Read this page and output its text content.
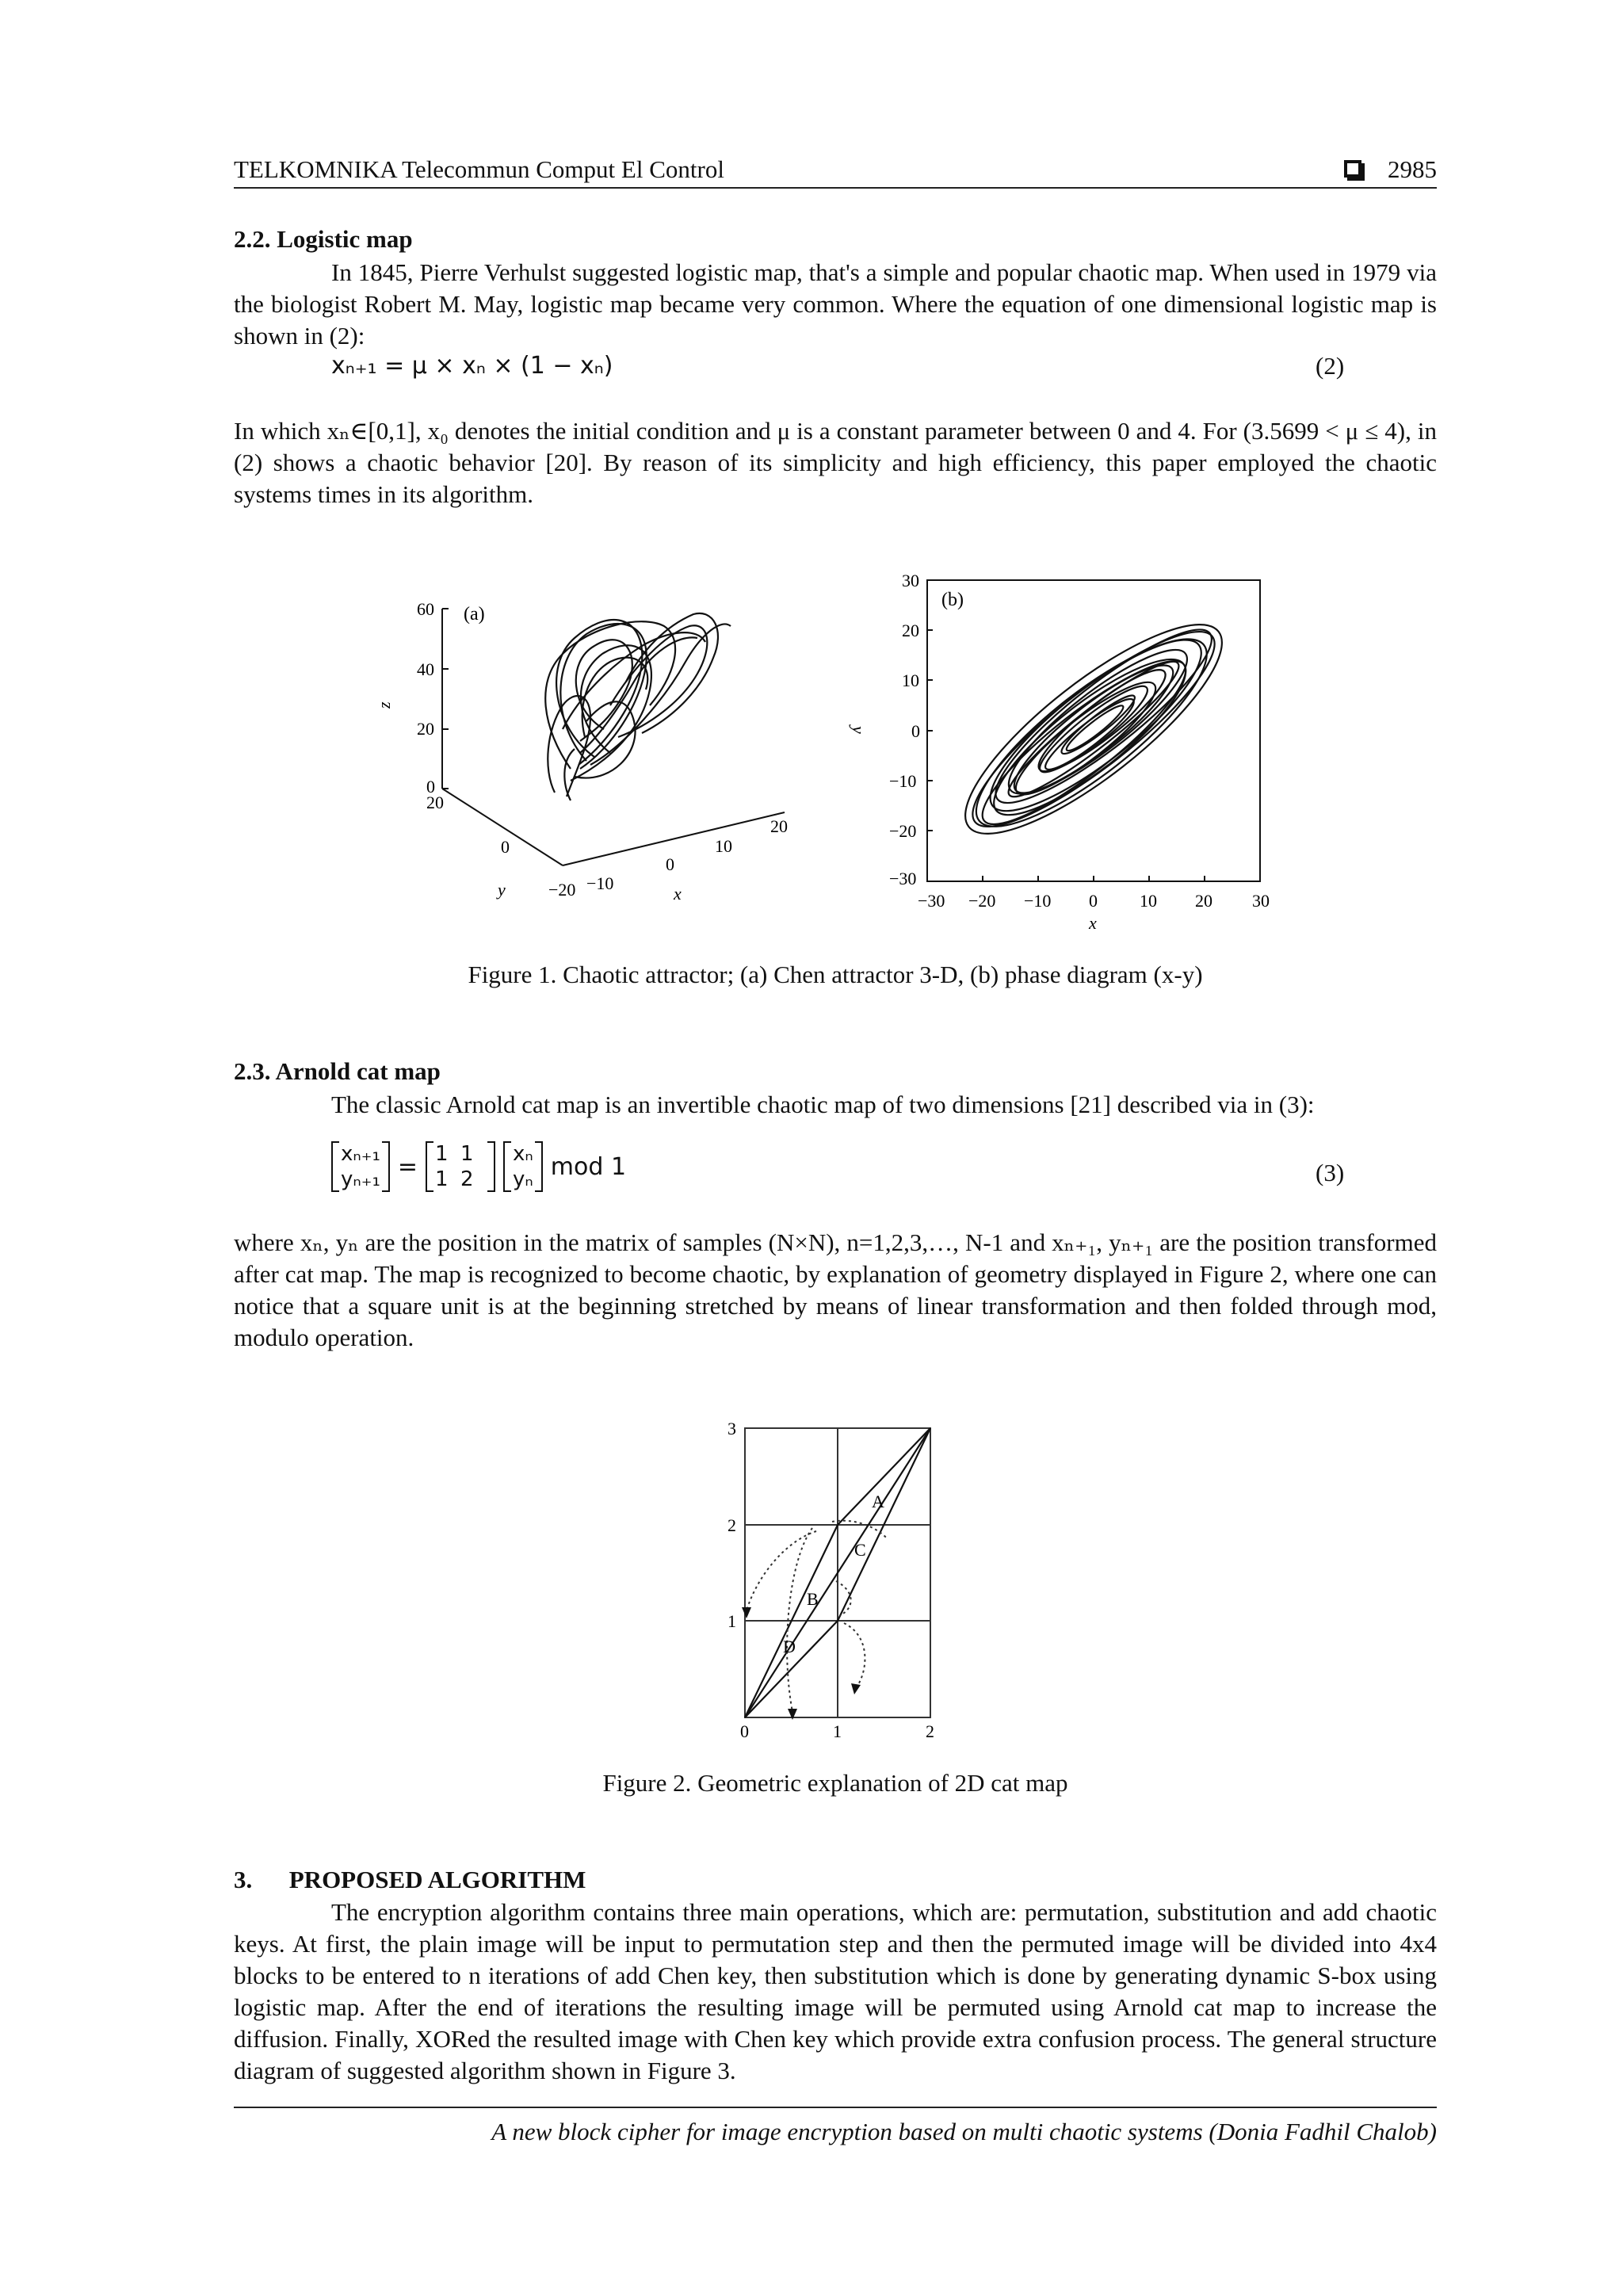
TELKOMNIKA Telecommun Comput El Control	2985
2.2. Logistic map
In 1845, Pierre Verhulst suggested logistic map, that's a simple and popular chaotic map. When used in 1979 via the biologist Robert M. May, logistic map became very common. Where the equation of one dimensional logistic map is shown in (2):
xₙ₊₁ = μ × xₙ × (1 − xₙ)	(2)
In which xₙ∈[0,1], x₀ denotes the initial condition and μ is a constant parameter between 0 and 4. For (3.5699 < μ ≤ 4), in (2) shows a chaotic behavior [20]. By reason of its simplicity and high efficiency, this paper employed the chaotic systems times in its algorithm.
60
40
20
0
z
20
0
−20
y	−10
0
10
20
x
(a)
30
20
10
0
−10
−20
−30
y
−30 −20 −10 0 10 20 30
x
(b)
Figure 1. Chaotic attractor; (a) Chen attractor 3-D, (b) phase diagram (x-y)
2.3. Arnold cat map
The classic Arnold cat map is an invertible chaotic map of two dimensions [21] described via in (3):
xₙ₊₁
yₙ₊₁ = 1 1
1 2
xₙ
yₙ mod 1	(3)
where xₙ, yₙ are the position in the matrix of samples (N×N), n=1,2,3,…, N-1 and xₙ₊₁, yₙ₊₁ are the position transformed after cat map. The map is recognized to become chaotic, by explanation of geometry displayed in Figure 2, where one can notice that a square unit is at the beginning stretched by means of linear transformation and then folded through mod, modulo operation.
3
2
1
0	1	2
A
B
C
D
Figure 2. Geometric explanation of 2D cat map
3.      PROPOSED ALGORITHM
The encryption algorithm contains three main operations, which are: permutation, substitution and add chaotic keys. At first, the plain image will be input to permutation step and then the permuted image will be divided into 4x4 blocks to be entered to n iterations of add Chen key, then substitution which is done by generating dynamic S-box using logistic map. After the end of iterations the resulting image will be permuted using Arnold cat map to increase the diffusion. Finally, XORed the resulted image with Chen key which provide extra confusion process. The general structure diagram of suggested algorithm shown in Figure 3.
A new block cipher for image encryption based on multi chaotic systems (Donia Fadhil Chalob)
